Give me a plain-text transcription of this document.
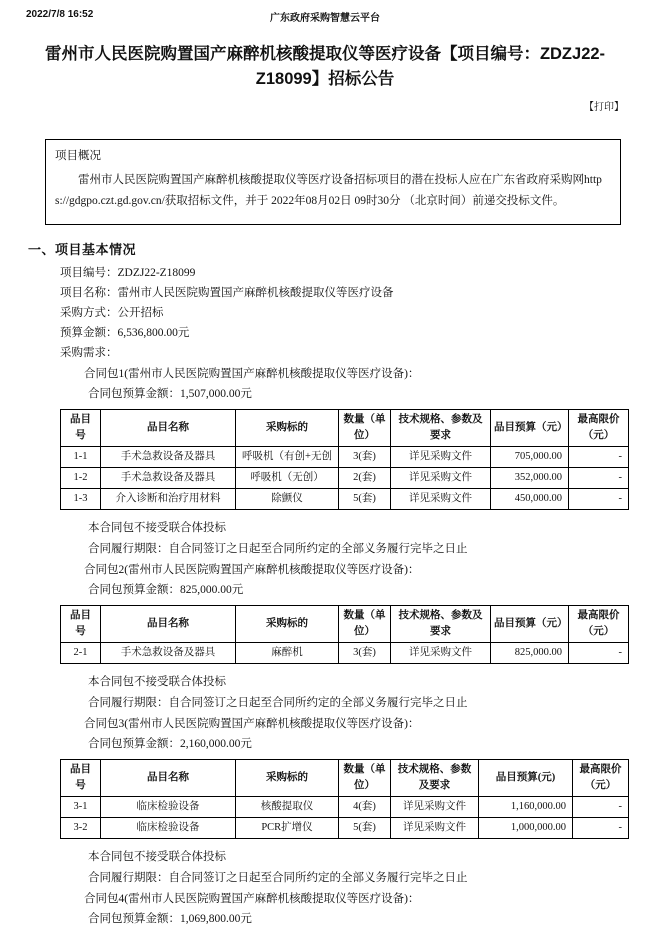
2022/7/8 16:52	广东政府采购智慧云平台
雷州市人民医院购置国产麻醉机核酸提取仪等医疗设备【项目编号：ZDZJ22-Z18099】招标公告
【打印】
项目概况

雷州市人民医院购置国产麻醉机核酸提取仪等医疗设备招标项目的潜在投标人应在广东省政府采购网https://gdgpo.czt.gd.gov.cn/获取招标文件，并于 2022年08月02日 09时30分 （北京时间）前递交投标文件。

一、项目基本情况

项目编号：ZDZJ22-Z18099

项目名称：雷州市人民医院购置国产麻醉机核酸提取仪等医疗设备

采购方式：公开招标

预算金额：6,536,800.00元

采购需求：

合同包1(雷州市人民医院购置国产麻醉机核酸提取仪等医疗设备)：

合同包预算金额：1,507,000.00元

品目号	品目名称	采购标的	数量（单位）	技术规格、参数及要求	品目预算（元）	最高限价（元）
1-1	手术急救设备及器具	呼吸机（有创+无创	3(套)	详见采购文件	705,000.00	-
1-2	手术急救设备及器具	呼吸机（无创）	2(套)	详见采购文件	352,000.00	-
1-3	介入诊断和治疗用材料	除颤仪	5(套)	详见采购文件	450,000.00	-

本合同包不接受联合体投标

合同履行期限：自合同签订之日起至合同所约定的全部义务履行完毕之日止

合同包2(雷州市人民医院购置国产麻醉机核酸提取仪等医疗设备)：

合同包预算金额：825,000.00元

品目号	品目名称	采购标的	数量（单位）	技术规格、参数及要求	品目预算（元）	最高限价（元）
2-1	手术急救设备及器具	麻醉机	3(套)	详见采购文件	825,000.00	-

本合同包不接受联合体投标

合同履行期限：自合同签订之日起至合同所约定的全部义务履行完毕之日止

合同包3(雷州市人民医院购置国产麻醉机核酸提取仪等医疗设备)：

合同包预算金额：2,160,000.00元

品目号	品目名称	采购标的	数量（单位）	技术规格、参数及要求	品目预算(元)	最高限价（元）
3-1	临床检验设备	核酸提取仪	4(套)	详见采购文件	1,160,000.00	-
3-2	临床检验设备	PCR扩增仪	5(套)	详见采购文件	1,000,000.00	-

本合同包不接受联合体投标

合同履行期限：自合同签订之日起至合同所约定的全部义务履行完毕之日止

合同包4(雷州市人民医院购置国产麻醉机核酸提取仪等医疗设备)：

合同包预算金额：1,069,800.00元
